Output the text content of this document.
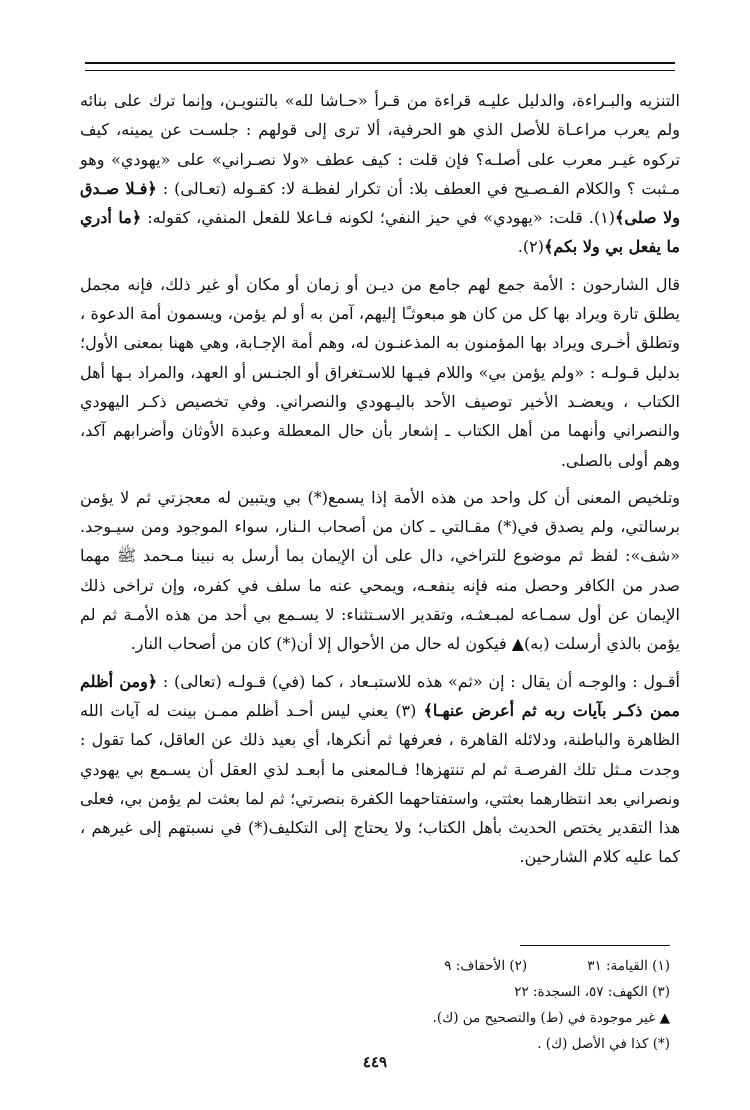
التنزيه والبـراءة، والدليل عليـه قراءة من قـرأ «حـاشا لله» بالتنويـن، وإنما ترك على بنائه ولم يعرب مراعـاة للأصل الذي هو الحرفية، ألا ترى إلى قولهم : جلسـت عن يمينه، كيف تركوه غيـر معرب على أصلـه؟ فإن قلت : كيف عطف «ولا نصـراني» على «يهودي» وهو مـثبت ؟ والكلام الفـصـيح في العطف بلا: أن تكرار لفظـة لا: كقـوله (تعـالى) : ﴿فـلا صـدق ولا صلى﴾(١). قلت: «يهودي» في حيز النفي؛ لكونه فـاعلا للفعل المنفي، كقوله: ﴿ما أدري ما يفعل بي ولا بكم﴾(٢).

قال الشارحون : الأمة جمع لهم جامع من ديـن أو زمان أو مكان أو غير ذلك، فإنه مجمل يطلق تارة ويراد بها كل من كان هو مبعوثـًا إليهم، آمن به أو لم يؤمن، ويسمون أمة الدعوة ، وتطلق أخـرى ويراد بها المؤمنون به المذعنـون له، وهم أمة الإجـابة، وهي ههنا بمعنى الأول؛ بدليل قـولـه : «ولم يؤمن بي» واللام فيـها للاسـتغراق أو الجنـس أو العهد، والمراد بـها أهل الكتاب ، ويعضـد الأخير توصيف الأحد باليـهودي والنصراني. وفي تخصيص ذكـر اليهودي والنصراني وأنهما من أهل الكتاب ـ إشعار بأن حال المعطلة وعبدة الأوثان وأضرابهم آكد، وهم أولى بالصلى.

وتلخيص المعنى أن كل واحد من هذه الأمة إذا يسمع(*) بي ويتبين له معجزتي ثم لا يؤمن برسالتي، ولم يصدق في(*) مقـالتي ـ كان من أصحاب الـنار، سواء الموجود ومن سيـوجد. «شف»: لفظ ثم موضوع للتراخي، دال على أن الإيمان بما أرسل به نبينا مـحمد ﷺ مهما صدر من الكافر وحصل منه فإنه ينفعـه، ويمحي عنه ما سلف في كفره، وإن تراخى ذلك الإيمان عن أول سمـاعه لمبـعثـه، وتقدير الاسـتثناء: لا يسـمع بي أحد من هذه الأمـة ثم لم يؤمن بالذي أرسلت (به)▲ فيكون له حال من الأحوال إلا أن(*) كان من أصحاب النار.

أقـول : والوجـه أن يقال : إن «ثم» هذه للاستبـعاد ، كما (في) قـولـه (تعالى) : ﴿ومن أظلم ممن ذكـر بآيات ربه ثم أعرض عنهـا﴾ (٣) يعني ليس أحـد أظلم ممـن بينت له آيات الله الظاهرة والباطنة، ودلائله القاهرة ، فعرفها ثم أنكرها، أي بعيد ذلك عن العاقل، كما تقول : وجدت مـثل تلك الفرصـة ثم لم تنتهزها! فـالمعنى ما أبعـد لذي العقل أن يسـمع بي يهودي ونصراني بعد انتظارهما بعثتي، واستفتاحهما الكفرة بنصرتي؛ ثم لما بعثت لم يؤمن بي، فعلى هذا التقدير يختص الحديث بأهل الكتاب؛ ولا يحتاج إلى التكليف(*) في نسبتهم إلى غيرهم ، كما عليه كلام الشارحين.

(١) القيامة: ٣١
(٢) الأحقاف: ٩
(٣) الكهف: ٥٧، السجدة: ٢٢
▲ غير موجودة في (ط) والتصحيح من (ك).
(*) كذا في الأصل (ك) .
٤٤٩
